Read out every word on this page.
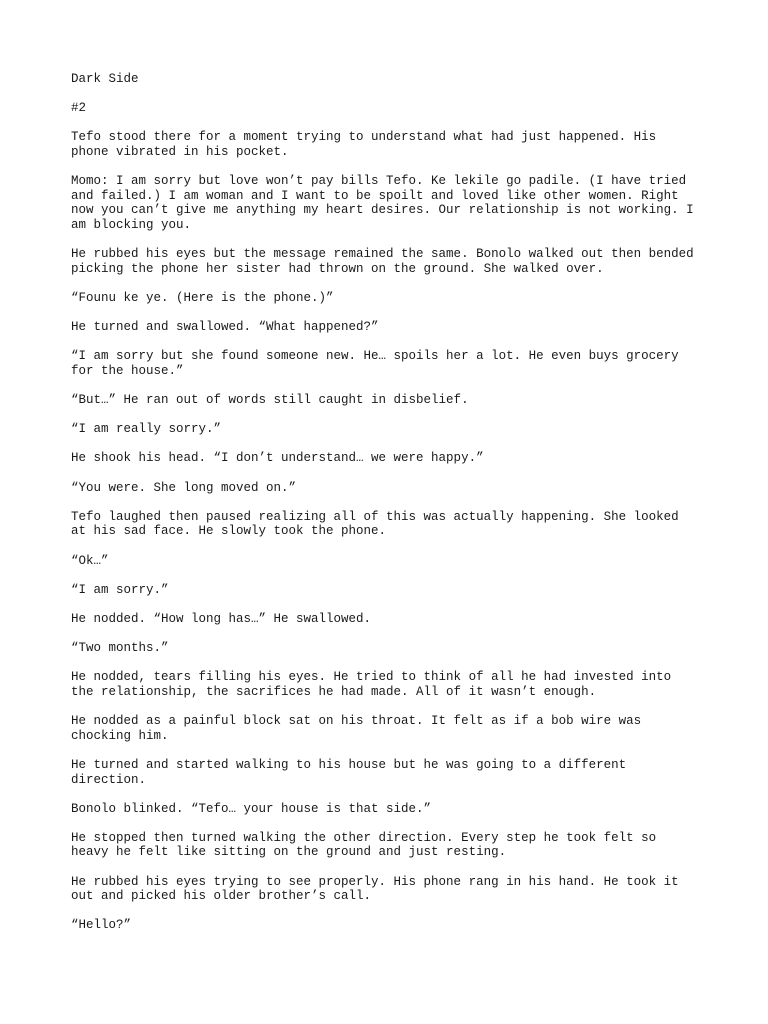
Dark Side

#2

Tefo stood there for a moment trying to understand what had just happened. His phone vibrated in his pocket.

Momo: I am sorry but love won’t pay bills Tefo. Ke lekile go padile. (I have tried and failed.) I am woman and I want to be spoilt and loved like other women. Right now you can’t give me anything my heart desires. Our relationship is not working. I am blocking you.

He rubbed his eyes but the message remained the same. Bonolo walked out then bended picking the phone her sister had thrown on the ground. She walked over.

“Founu ke ye. (Here is the phone.)”

He turned and swallowed. “What happened?”

“I am sorry but she found someone new. He… spoils her a lot. He even buys grocery for the house.”

“But…” He ran out of words still caught in disbelief.

“I am really sorry.”

He shook his head. “I don’t understand… we were happy.”

“You were. She long moved on.”

Tefo laughed then paused realizing all of this was actually happening. She looked at his sad face. He slowly took the phone.

“Ok…”

“I am sorry.”

He nodded. “How long has…” He swallowed.

“Two months.”

He nodded, tears filling his eyes. He tried to think of all he had invested into the relationship, the sacrifices he had made. All of it wasn’t enough.

He nodded as a painful block sat on his throat. It felt as if a bob wire was chocking him.

He turned and started walking to his house but he was going to a different direction.

Bonolo blinked. “Tefo… your house is that side.”

He stopped then turned walking the other direction. Every step he took felt so heavy he felt like sitting on the ground and just resting.

He rubbed his eyes trying to see properly. His phone rang in his hand. He took it out and picked his older brother’s call.

“Hello?”
